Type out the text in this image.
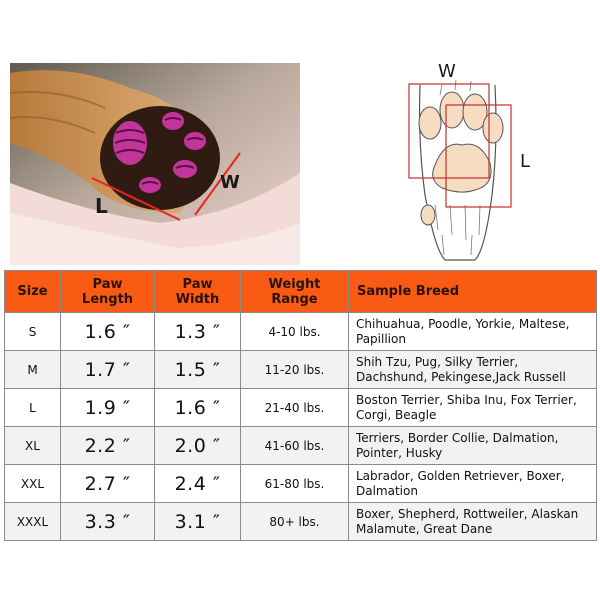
L
W
W
L
Size	Paw Length	Paw Width	Weight Range	Sample Breed
S	1.6 ″	1.3 ″	4-10 lbs.	Chihuahua, Poodle, Yorkie, Maltese, Papillion
M	1.7 ″	1.5 ″	11-20 lbs.	Shih Tzu, Pug, Silky Terrier, Dachshund, Pekingese,Jack Russell
L	1.9 ″	1.6 ″	21-40 lbs.	Boston Terrier, Shiba Inu, Fox Terrier, Corgi, Beagle
XL	2.2 ″	2.0 ″	41-60 lbs.	Terriers, Border Collie, Dalmation, Pointer, Husky
XXL	2.7 ″	2.4 ″	61-80 lbs.	Labrador, Golden Retriever, Boxer, Dalmation
XXXL	3.3 ″	3.1 ″	80+ lbs.	Boxer, Shepherd, Rottweiler, Alaskan Malamute, Great Dane
